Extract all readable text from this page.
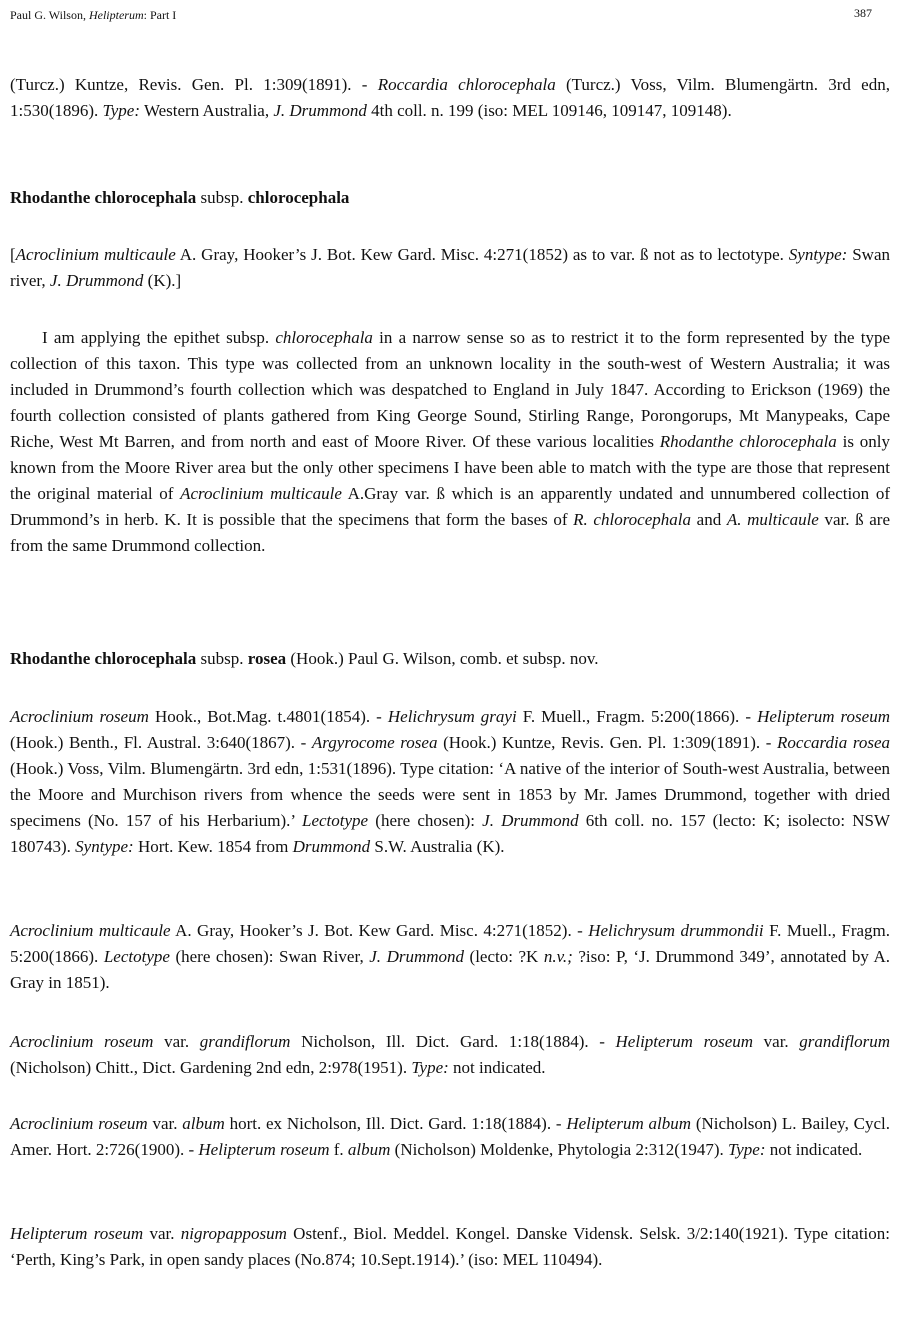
Paul G. Wilson, Helipterum: Part I	387

(Turcz.) Kuntze, Revis. Gen. Pl. 1:309(1891). - Roccardia chlorocephala (Turcz.) Voss, Vilm. Blumengärtn. 3rd edn, 1:530(1896). Type: Western Australia, J. Drummond 4th coll. n. 199 (iso: MEL 109146, 109147, 109148).

Rhodanthe chlorocephala subsp. chlorocephala

[Acroclinium multicaule A. Gray, Hooker’s J. Bot. Kew Gard. Misc. 4:271(1852) as to var. ß not as to lectotype. Syntype: Swan river, J. Drummond (K).]

I am applying the epithet subsp. chlorocephala in a narrow sense so as to restrict it to the form represented by the type collection of this taxon. This type was collected from an unknown locality in the south-west of Western Australia; it was included in Drummond’s fourth collection which was despatched to England in July 1847. According to Erickson (1969) the fourth collection consisted of plants gathered from King George Sound, Stirling Range, Porongorups, Mt Manypeaks, Cape Riche, West Mt Barren, and from north and east of Moore River. Of these various localities Rhodanthe chlorocephala is only known from the Moore River area but the only other specimens I have been able to match with the type are those that represent the original material of Acroclinium multicaule A.Gray var. ß which is an apparently undated and unnumbered collection of Drummond’s in herb. K. It is possible that the specimens that form the bases of R. chlorocephala and A. multicaule var. ß are from the same Drummond collection.

Rhodanthe chlorocephala subsp. rosea (Hook.) Paul G. Wilson, comb. et subsp. nov.

Acroclinium roseum Hook., Bot.Mag. t.4801(1854). - Helichrysum grayi F. Muell., Fragm. 5:200(1866). - Helipterum roseum (Hook.) Benth., Fl. Austral. 3:640(1867). - Argyrocome rosea (Hook.) Kuntze, Revis. Gen. Pl. 1:309(1891). - Roccardia rosea (Hook.) Voss, Vilm. Blumengärtn. 3rd edn, 1:531(1896). Type citation: ‘A native of the interior of South-west Australia, between the Moore and Murchison rivers from whence the seeds were sent in 1853 by Mr. James Drummond, together with dried specimens (No. 157 of his Herbarium).’ Lectotype (here chosen): J. Drummond 6th coll. no. 157 (lecto: K; isolecto: NSW 180743). Syntype: Hort. Kew. 1854 from Drummond S.W. Australia (K).

Acroclinium multicaule A. Gray, Hooker’s J. Bot. Kew Gard. Misc. 4:271(1852). - Helichrysum drummondii F. Muell., Fragm. 5:200(1866). Lectotype (here chosen): Swan River, J. Drummond (lecto: ?K n.v.; ?iso: P, ‘J. Drummond 349’, annotated by A. Gray in 1851).

Acroclinium roseum var. grandiflorum Nicholson, Ill. Dict. Gard. 1:18(1884). - Helipterum roseum var. grandiflorum (Nicholson) Chitt., Dict. Gardening 2nd edn, 2:978(1951). Type: not indicated.

Acroclinium roseum var. album hort. ex Nicholson, Ill. Dict. Gard. 1:18(1884). - Helipterum album (Nicholson) L. Bailey, Cycl. Amer. Hort. 2:726(1900). - Helipterum roseum f. album (Nicholson) Moldenke, Phytologia 2:312(1947). Type: not indicated.

Helipterum roseum var. nigropapposum Ostenf., Biol. Meddel. Kongel. Danske Vidensk. Selsk. 3/2:140(1921). Type citation: ‘Perth, King’s Park, in open sandy places (No.874; 10.Sept.1914).’ (iso: MEL 110494).
